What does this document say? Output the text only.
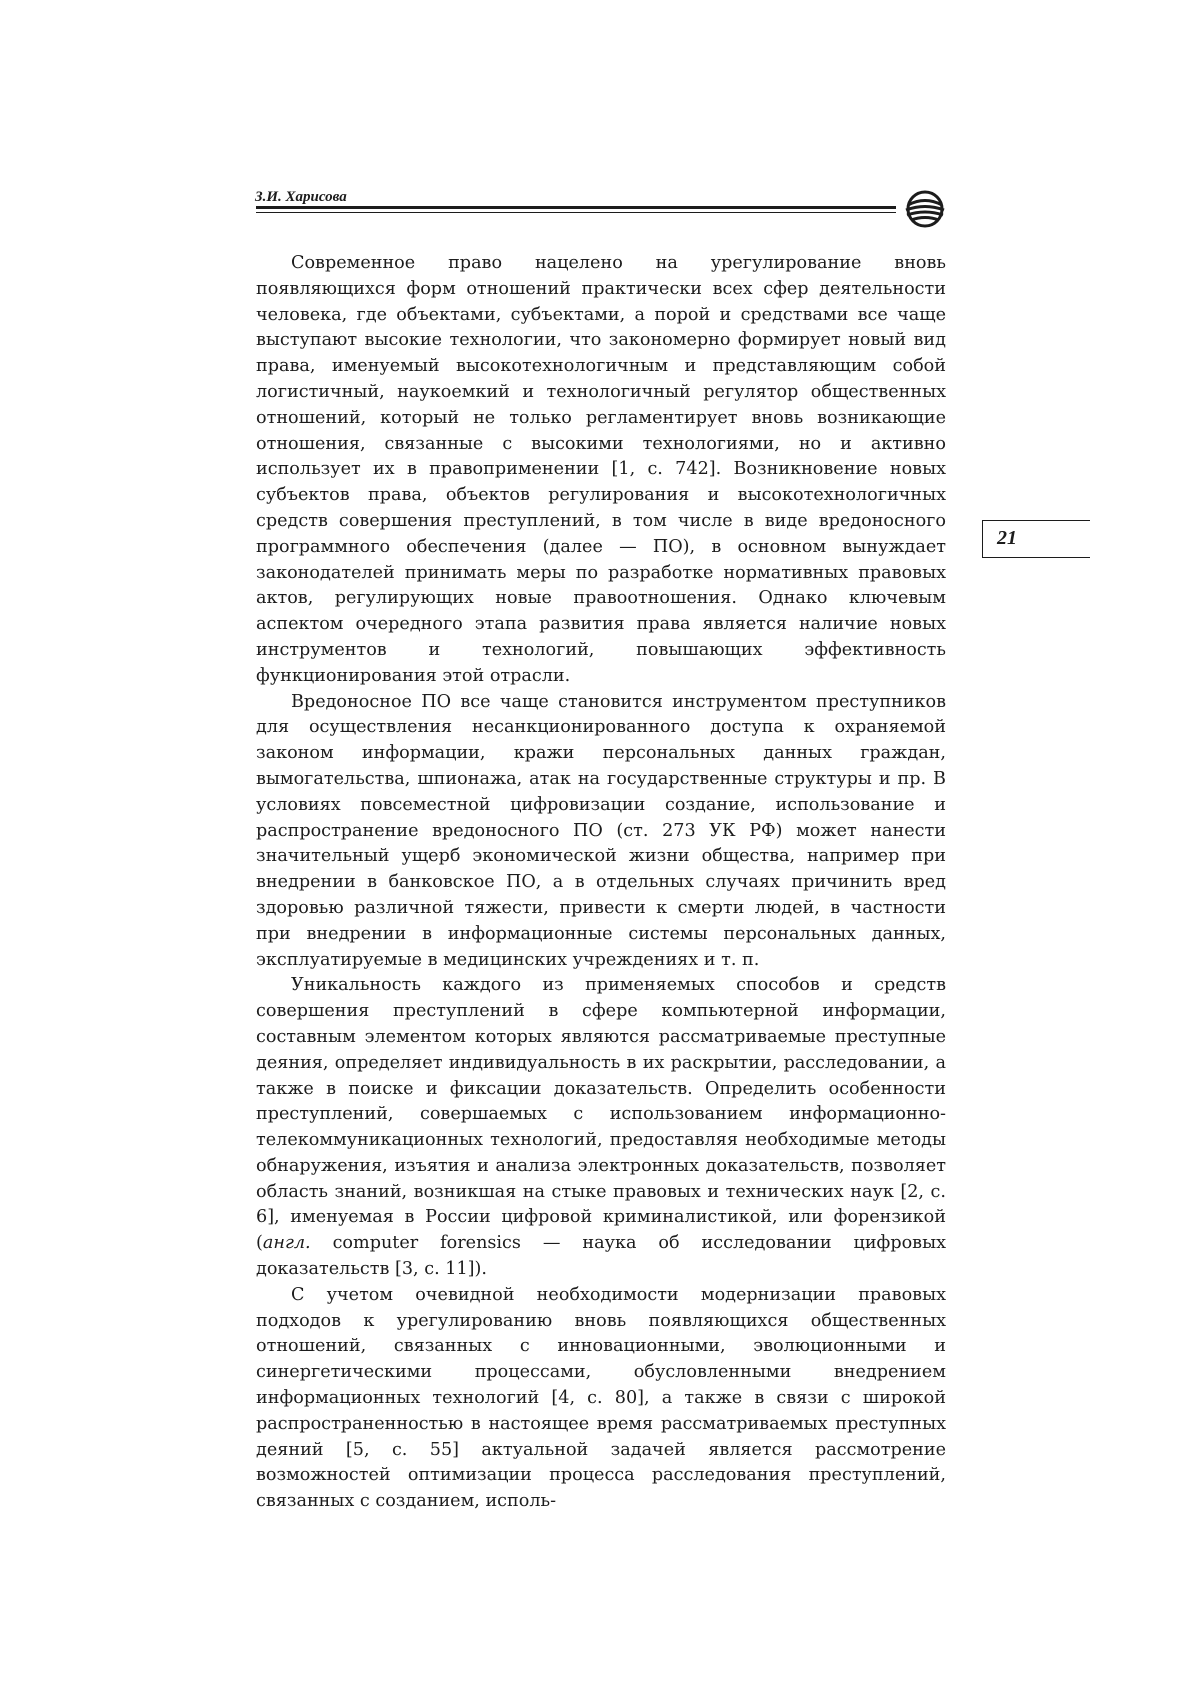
З.И. Харисова

21

Современное право нацелено на урегулирование вновь появляющихся форм отношений практически всех сфер деятельности человека, где объектами, субъектами, а порой и средствами все чаще выступают высокие технологии, что закономерно формирует новый вид права, именуемый высокотехнологичным и представляющим собой логистичный, наукоемкий и технологичный регулятор общественных отношений, который не только регламентирует вновь возникающие отношения, связанные с высокими технологиями, но и активно использует их в правоприменении [1, с. 742]. Возникновение новых субъектов права, объектов регулирования и высокотехнологичных средств совершения преступлений, в том числе в виде вредоносного программного обеспечения (далее — ПО), в основном вынуждает законодателей принимать меры по разработке нормативных правовых актов, регулирующих новые правоотношения. Однако ключевым аспектом очередного этапа развития права является наличие новых инструментов и технологий, повышающих эффективность функционирования этой отрасли.

Вредоносное ПО все чаще становится инструментом преступников для осуществления несанкционированного доступа к охраняемой законом информации, кражи персональных данных граждан, вымогательства, шпионажа, атак на государственные структуры и пр. В условиях повсеместной цифровизации создание, использование и распространение вредоносного ПО (ст. 273 УК РФ) может нанести значительный ущерб экономической жизни общества, например при внедрении в банковское ПО, а в отдельных случаях причинить вред здоровью различной тяжести, привести к смерти людей, в частности при внедрении в информационные системы персональных данных, эксплуатируемые в медицинских учреждениях и т. п.

Уникальность каждого из применяемых способов и средств совершения преступлений в сфере компьютерной информации, составным элементом которых являются рассматриваемые преступные деяния, определяет индивидуальность в их раскрытии, расследовании, а также в поиске и фиксации доказательств. Определить особенности преступлений, совершаемых с использованием информационно-телекоммуникационных технологий, предоставляя необходимые методы обнаружения, изъятия и анализа электронных доказательств, позволяет область знаний, возникшая на стыке правовых и технических наук [2, с. 6], именуемая в России цифровой криминалистикой, или форензикой (англ. computer forensics — наука об исследовании цифровых доказательств [3, с. 11]).

С учетом очевидной необходимости модернизации правовых подходов к урегулированию вновь появляющихся общественных отношений, связанных с инновационными, эволюционными и синергетическими процессами, обусловленными внедрением информационных технологий [4, с. 80], а также в связи с широкой распространенностью в настоящее время рассматриваемых преступных деяний [5, с. 55] актуальной задачей является рассмотрение возможностей оптимизации процесса расследования преступлений, связанных с созданием, исполь-
